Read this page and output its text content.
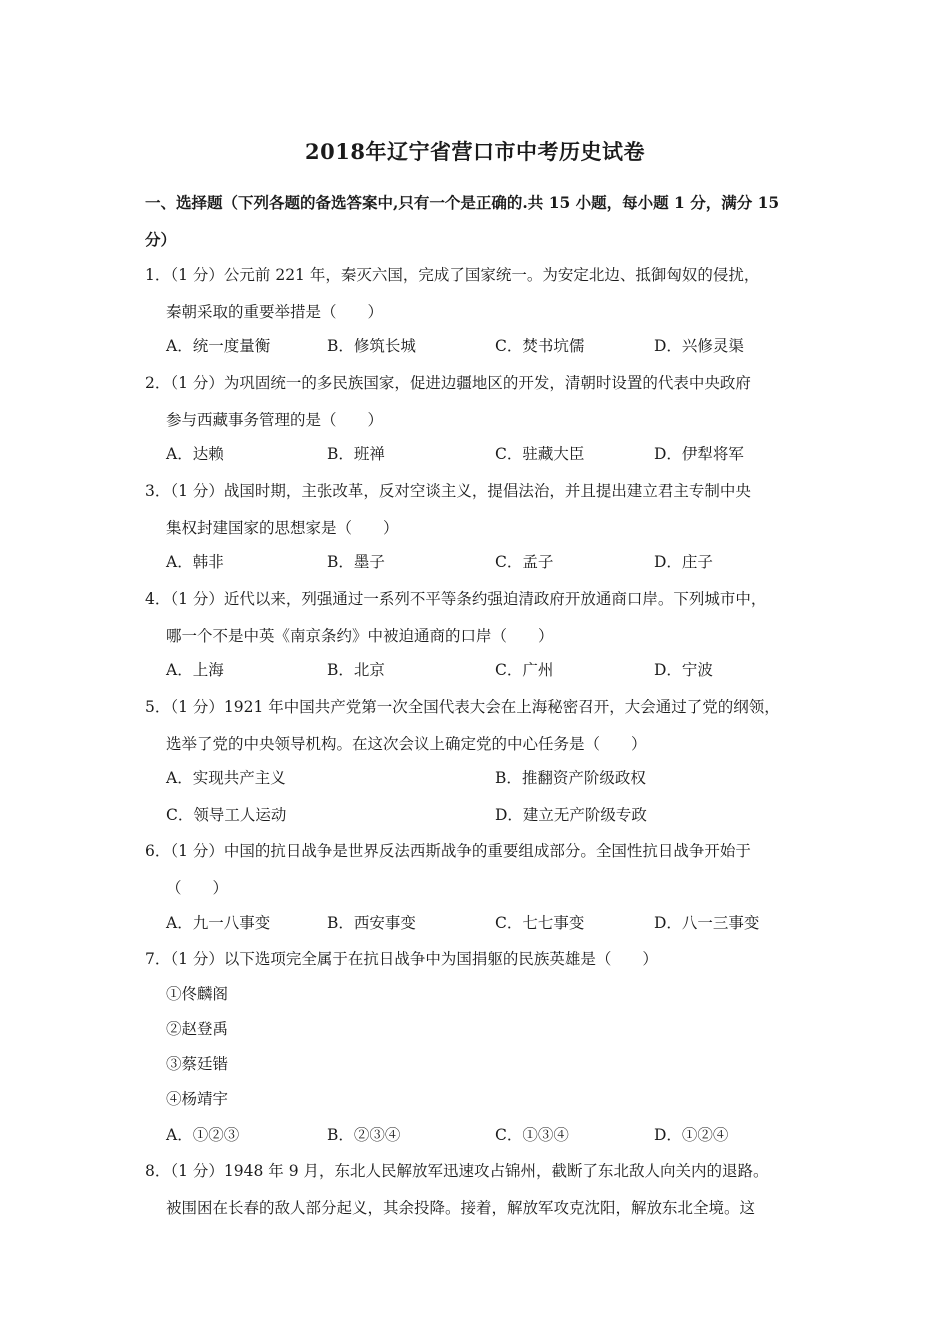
2018年辽宁省营口市中考历史试卷
一、选择题（下列各题的备选答案中,只有一个是正确的.共 15 小题，每小题 1 分，满分 15
分）
1．（1 分）公元前 221 年，秦灭六国，完成了国家统一。为安定北边、抵御匈奴的侵扰，
秦朝采取的重要举措是（　　）
A．统一度量衡	B．修筑长城	C．焚书坑儒	D．兴修灵渠
2．（1 分）为巩固统一的多民族国家，促进边疆地区的开发，清朝时设置的代表中央政府
参与西藏事务管理的是（　　）
A．达赖	B．班禅	C．驻藏大臣	D．伊犁将军
3．（1 分）战国时期，主张改革，反对空谈主义，提倡法治，并且提出建立君主专制中央
集权封建国家的思想家是（　　）
A．韩非	B．墨子	C．孟子	D．庄子
4．（1 分）近代以来，列强通过一系列不平等条约强迫清政府开放通商口岸。下列城市中，
哪一个不是中英《南京条约》中被迫通商的口岸（　　）
A．上海	B．北京	C．广州	D．宁波
5．（1 分）1921 年中国共产党第一次全国代表大会在上海秘密召开，大会通过了党的纲领，
选举了党的中央领导机构。在这次会议上确定党的中心任务是（　　）
A．实现共产主义	B．推翻资产阶级政权
C．领导工人运动	D．建立无产阶级专政
6．（1 分）中国的抗日战争是世界反法西斯战争的重要组成部分。全国性抗日战争开始于
（　　）
A．九一八事变	B．西安事变	C．七七事变	D．八一三事变
7．（1 分）以下选项完全属于在抗日战争中为国捐躯的民族英雄是（　　）
①佟麟阁
②赵登禹
③蔡廷锴
④杨靖宇
A．①②③	B．②③④	C．①③④	D．①②④
8．（1 分）1948 年 9 月，东北人民解放军迅速攻占锦州，截断了东北敌人向关内的退路。
被围困在长春的敌人部分起义，其余投降。接着，解放军攻克沈阳，解放东北全境。这
